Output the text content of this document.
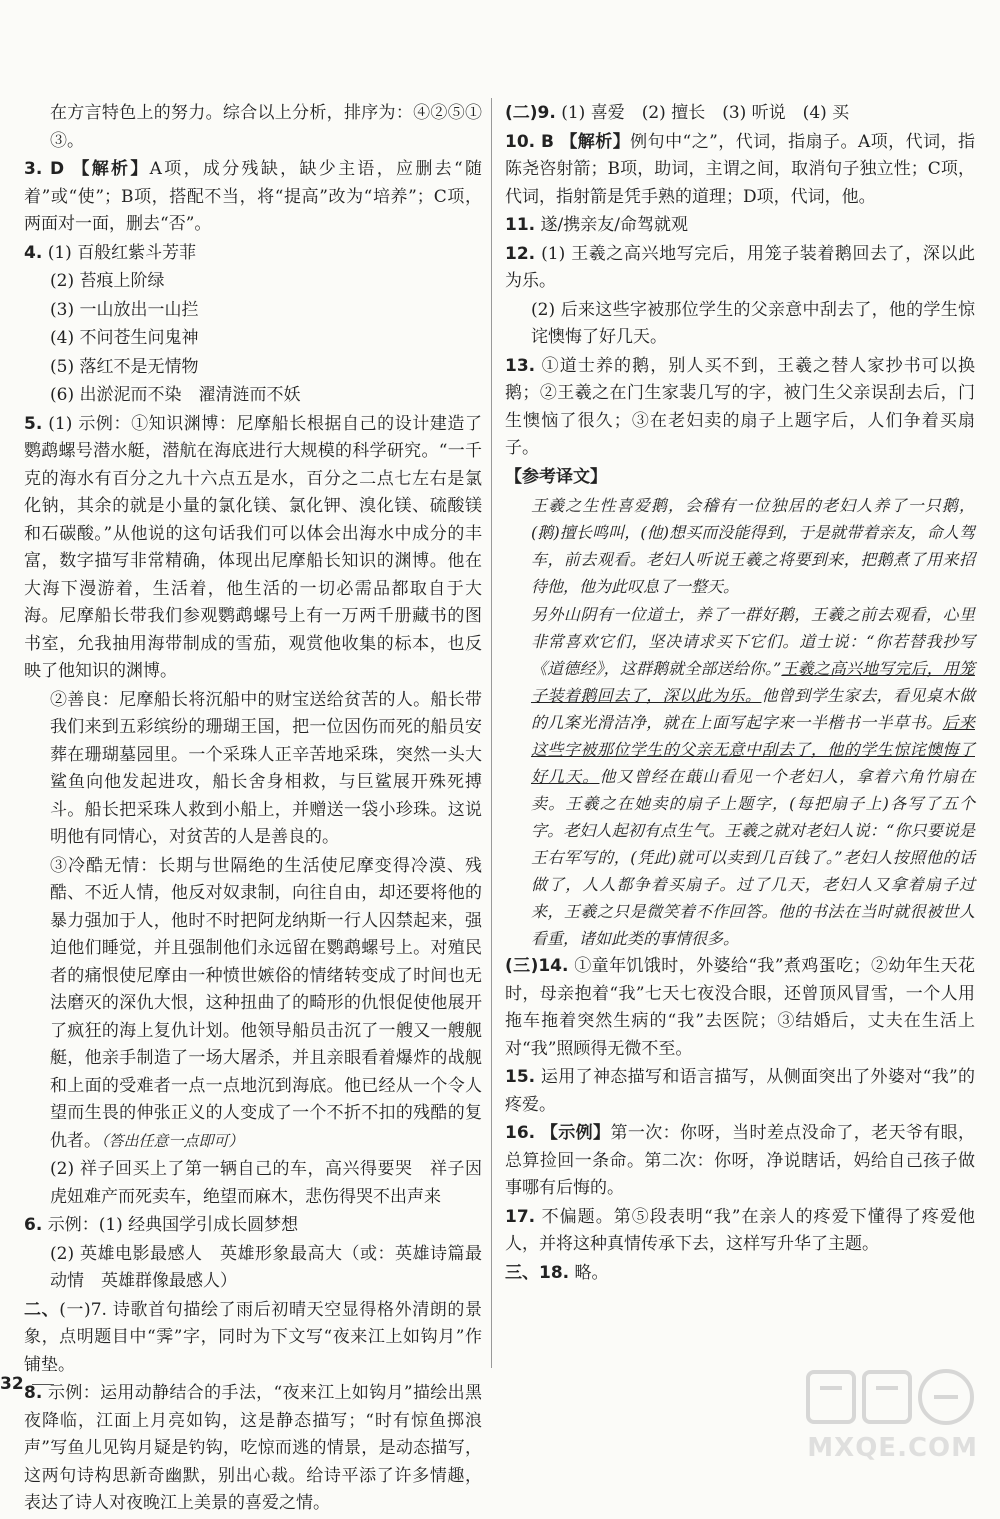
在方言特色上的努力。综合以上分析，排序为：④②⑤①③。

3. D 【解析】A项，成分残缺，缺少主语，应删去“随着”或“使”；B项，搭配不当，将“提高”改为“培养”；C项，两面对一面，删去“否”。

4. (1) 百般红紫斗芳菲

(2) 苔痕上阶绿

(3) 一山放出一山拦

(4) 不问苍生问鬼神

(5) 落红不是无情物

(6) 出淤泥而不染　濯清涟而不妖

5. (1) 示例：①知识渊博：尼摩船长根据自己的设计建造了鹦鹉螺号潜水艇，潜航在海底进行大规模的科学研究。“一千克的海水有百分之九十六点五是水，百分之二点七左右是氯化钠，其余的就是小量的氯化镁、氯化钾、溴化镁、硫酸镁和石碳酸。”从他说的这句话我们可以体会出海水中成分的丰富，数字描写非常精确，体现出尼摩船长知识的渊博。他在大海下漫游着，生活着，他生活的一切必需品都取自于大海。尼摩船长带我们参观鹦鹉螺号上有一万两千册藏书的图书室，允我抽用海带制成的雪茄，观赏他收集的标本，也反映了他知识的渊博。

②善良：尼摩船长将沉船中的财宝送给贫苦的人。船长带我们来到五彩缤纷的珊瑚王国，把一位因伤而死的船员安葬在珊瑚墓园里。一个采珠人正辛苦地采珠，突然一头大鲨鱼向他发起进攻，船长舍身相救，与巨鲨展开殊死搏斗。船长把采珠人救到小船上，并赠送一袋小珍珠。这说明他有同情心，对贫苦的人是善良的。

③冷酷无情：长期与世隔绝的生活使尼摩变得冷漠、残酷、不近人情，他反对奴隶制，向往自由，却还要将他的暴力强加于人，他时不时把阿龙纳斯一行人囚禁起来，强迫他们睡觉，并且强制他们永远留在鹦鹉螺号上。对殖民者的痛恨使尼摩由一种愤世嫉俗的情绪转变成了时间也无法磨灭的深仇大恨，这种扭曲了的畸形的仇恨促使他展开了疯狂的海上复仇计划。他领导船员击沉了一艘又一艘舰艇，他亲手制造了一场大屠杀，并且亲眼看着爆炸的战舰和上面的受难者一点一点地沉到海底。他已经从一个令人望而生畏的伸张正义的人变成了一个不折不扣的残酷的复仇者。（答出任意一点即可）

(2) 祥子回买上了第一辆自己的车，高兴得要哭　祥子因虎妞难产而死卖车，绝望而麻木，悲伤得哭不出声来

6. 示例：(1) 经典国学引成长圆梦想

(2) 英雄电影最感人　英雄形象最高大（或：英雄诗篇最动情　英雄群像最感人）

二、(一)7. 诗歌首句描绘了雨后初晴天空显得格外清朗的景象，点明题目中“霁”字，同时为下文写“夜来江上如钩月”作铺垫。

8. 示例：运用动静结合的手法，“夜来江上如钩月”描绘出黑夜降临，江面上月亮如钩，这是静态描写；“时有惊鱼掷浪声”写鱼儿见钩月疑是钓钩，吃惊而逃的情景，是动态描写，这两句诗构思新奇幽默，别出心裁。给诗平添了许多情趣，表达了诗人对夜晚江上美景的喜爱之情。

(二)9. (1) 喜爱　(2) 擅长　(3) 听说　(4) 买

10. B 【解析】例句中“之”，代词，指扇子。A项，代词，指陈尧咨射箭；B项，助词，主谓之间，取消句子独立性；C项，代词，指射箭是凭手熟的道理；D项，代词，他。

11. 遂/携亲友/命驾就观

12. (1) 王羲之高兴地写完后，用笼子装着鹅回去了，深以此为乐。

(2) 后来这些字被那位学生的父亲意中刮去了，他的学生惊诧懊悔了好几天。

13. ①道士养的鹅，别人买不到，王羲之替人家抄书可以换鹅；②王羲之在门生家裴几写的字，被门生父亲误刮去后，门生懊恼了很久；③在老妇卖的扇子上题字后，人们争着买扇子。

【参考译文】

王羲之生性喜爱鹅，会稽有一位独居的老妇人养了一只鹅，(鹅)擅长鸣叫，(他)想买而没能得到，于是就带着亲友，命人驾车，前去观看。老妇人听说王羲之将要到来，把鹅煮了用来招待他，他为此叹息了一整天。

另外山阴有一位道士，养了一群好鹅，王羲之前去观看，心里非常喜欢它们，坚决请求买下它们。道士说：“你若替我抄写《道德经》，这群鹅就全部送给你。”王羲之高兴地写完后，用笼子装着鹅回去了，深以此为乐。他曾到学生家去，看见桌木做的几案光滑洁净，就在上面写起字来一半楷书一半草书。后来这些字被那位学生的父亲无意中刮去了，他的学生惊诧懊悔了好几天。他又曾经在蕺山看见一个老妇人，拿着六角竹扇在卖。王羲之在她卖的扇子上题字，(每把扇子上)各写了五个字。老妇人起初有点生气。王羲之就对老妇人说：“你只要说是王右军写的，(凭此)就可以卖到几百钱了。”老妇人按照他的话做了，人人都争着买扇子。过了几天，老妇人又拿着扇子过来，王羲之只是微笑着不作回答。他的书法在当时就很被世人看重，诸如此类的事情很多。

(三)14. ①童年饥饿时，外婆给“我”煮鸡蛋吃；②幼年生天花时，母亲抱着“我”七天七夜没合眼，还曾顶风冒雪，一个人用拖车拖着突然生病的“我”去医院；③结婚后，丈夫在生活上对“我”照顾得无微不至。

15. 运用了神态描写和语言描写，从侧面突出了外婆对“我”的疼爱。

16. 【示例】第一次：你呀，当时差点没命了，老天爷有眼，总算捡回一条命。第二次：你呀，净说瞎话，妈给自己孩子做事哪有后悔的。

17. 不偏题。第⑤段表明“我”在亲人的疼爱下懂得了疼爱他人，并将这种真情传承下去，这样写升华了主题。

三、18. 略。

32
MXQE.COM
